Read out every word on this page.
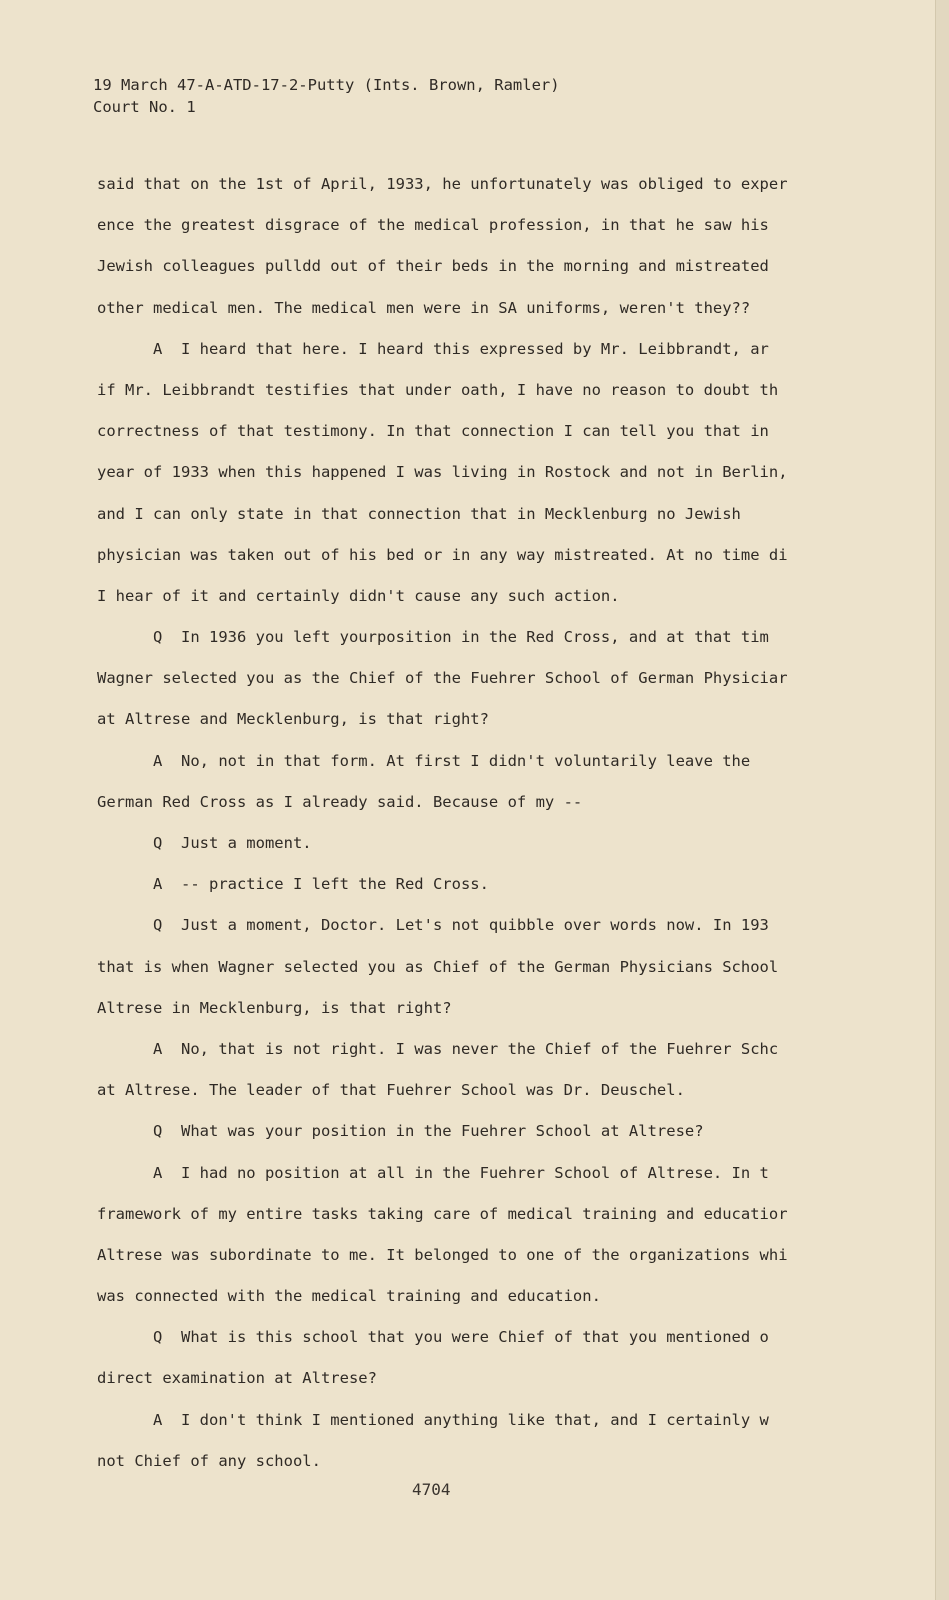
19 March 47-A-ATD-17-2-Putty (Ints. Brown, Ramler)
Court No. 1
said that on the 1st of April, 1933, he unfortunately was obliged to exper
ence the greatest disgrace of the medical profession, in that he saw his
Jewish colleagues pulldd out of their beds in the morning and mistreated
other medical men. The medical men were in SA uniforms, weren't they??
A  I heard that here. I heard this expressed by Mr. Leibbrandt, ar
if Mr. Leibbrandt testifies that under oath, I have no reason to doubt th
correctness of that testimony. In that connection I can tell you that in
year of 1933 when this happened I was living in Rostock and not in Berlin,
and I can only state in that connection that in Mecklenburg no Jewish
physician was taken out of his bed or in any way mistreated. At no time di
I hear of it and certainly didn't cause any such action.
Q  In 1936 you left yourposition in the Red Cross, and at that tim
Wagner selected you as the Chief of the Fuehrer School of German Physiciar
at Altrese and Mecklenburg, is that right?
A  No, not in that form. At first I didn't voluntarily leave the
German Red Cross as I already said. Because of my --
Q  Just a moment.
A  -- practice I left the Red Cross.
Q  Just a moment, Doctor. Let's not quibble over words now. In 193
that is when Wagner selected you as Chief of the German Physicians School
Altrese in Mecklenburg, is that right?
A  No, that is not right. I was never the Chief of the Fuehrer Schc
at Altrese. The leader of that Fuehrer School was Dr. Deuschel.
Q  What was your position in the Fuehrer School at Altrese?
A  I had no position at all in the Fuehrer School of Altrese. In t
framework of my entire tasks taking care of medical training and educatior
Altrese was subordinate to me. It belonged to one of the organizations whi
was connected with the medical training and education.
Q  What is this school that you were Chief of that you mentioned o
direct examination at Altrese?
A  I don't think I mentioned anything like that, and I certainly w
not Chief of any school.
4704
